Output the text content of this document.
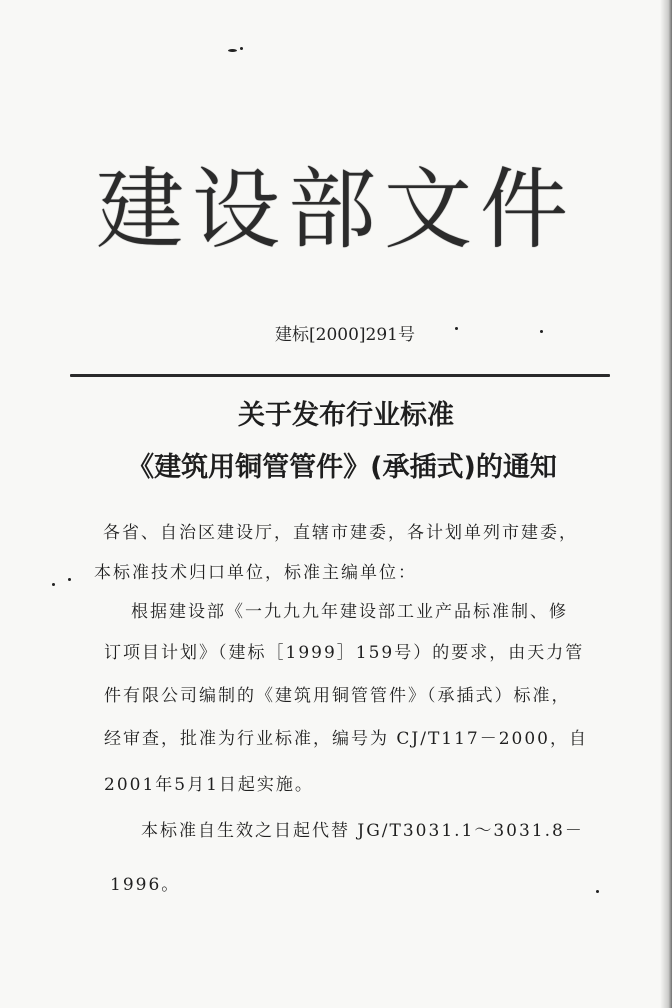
建设部文件
建标[2000]291号
关于发布行业标准
《建筑用铜管管件》(承插式)的通知
各省、自治区建设厅，直辖市建委，各计划单列市建委，
本标准技术归口单位，标准主编单位：
根据建设部《一九九九年建设部工业产品标准制、修
订项目计划》（建标［1999］159号）的要求，由天力管
件有限公司编制的《建筑用铜管管件》（承插式）标准，
经审查，批准为行业标准，编号为 CJ/T117－2000，自
2001年5月1日起实施。
本标准自生效之日起代替 JG/T3031.1～3031.8－
1996。
